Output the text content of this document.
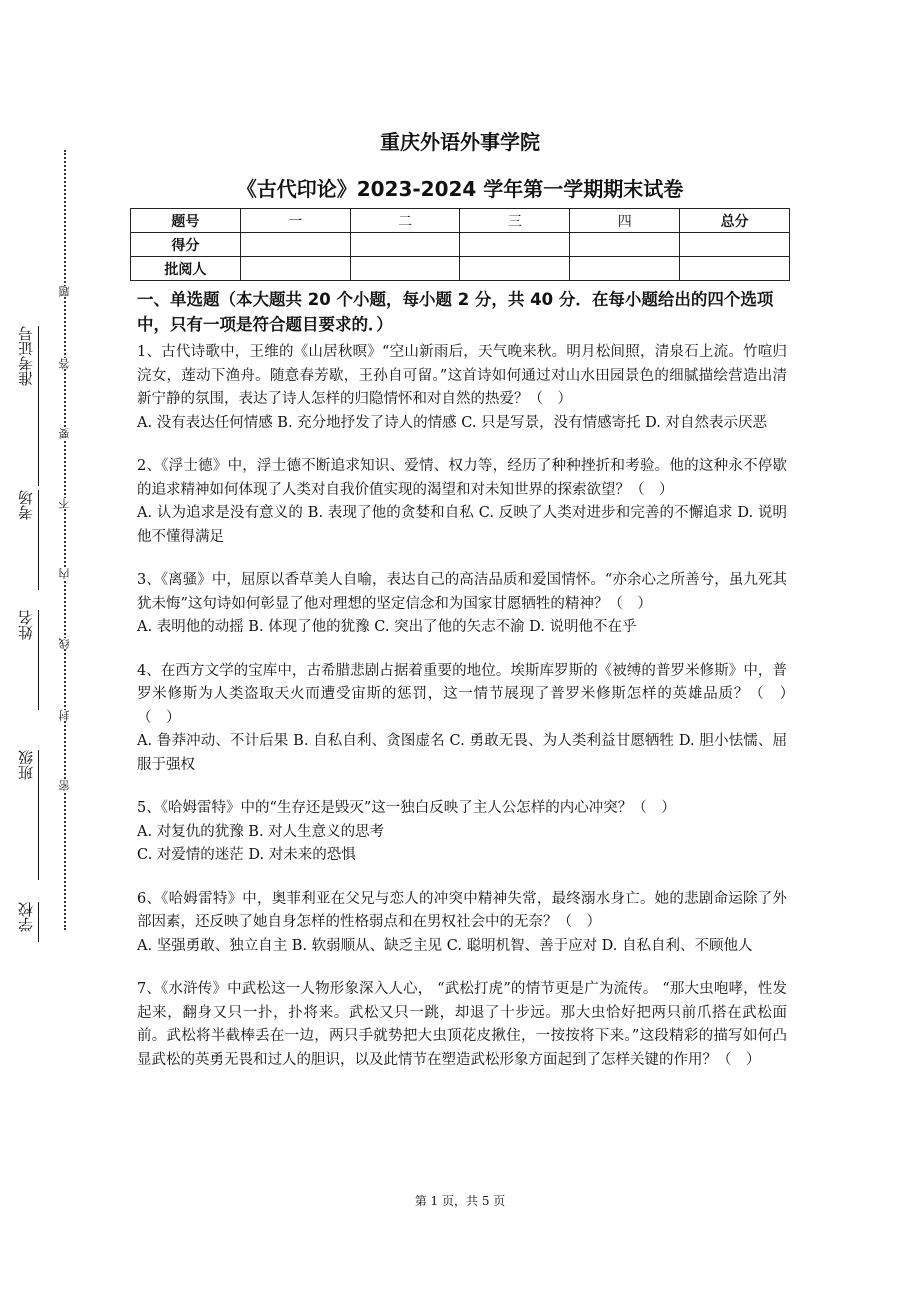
准考证号
考场
姓名
班级
学校
题
答
要
不
内
线
封
密
重庆外语外事学院
《古代印论》2023-2024 学年第一学期期末试卷
题号	一	二	三	四	总分
得分					
批阅人					
一、单选题（本大题共 20 个小题，每小题 2 分，共 40 分．在每小题给出的四个选项中，只有一项是符合题目要求的．）

1、古代诗歌中，王维的《山居秋暝》“空山新雨后，天气晚来秋。明月松间照，清泉石上流。竹喧归浣女，莲动下渔舟。随意春芳歇，王孙自可留。”这首诗如何通过对山水田园景色的细腻描绘营造出清新宁静的氛围，表达了诗人怎样的归隐情怀和对自然的热爱？（　）

A. 没有表达任何情感 B. 充分地抒发了诗人的情感 C. 只是写景，没有情感寄托 D. 对自然表示厌恶

2、《浮士德》中，浮士德不断追求知识、爱情、权力等，经历了种种挫折和考验。他的这种永不停歇的追求精神如何体现了人类对自我价值实现的渴望和对未知世界的探索欲望？（　）

A. 认为追求是没有意义的 B. 表现了他的贪婪和自私 C. 反映了人类对进步和完善的不懈追求 D. 说明他不懂得满足

3、《离骚》中，屈原以香草美人自喻，表达自己的高洁品质和爱国情怀。“亦余心之所善兮，虽九死其犹未悔”这句诗如何彰显了他对理想的坚定信念和为国家甘愿牺牲的精神？（　）

A. 表明他的动摇 B. 体现了他的犹豫 C. 突出了他的矢志不渝 D. 说明他不在乎

4、在西方文学的宝库中，古希腊悲剧占据着重要的地位。埃斯库罗斯的《被缚的普罗米修斯》中，普罗米修斯为人类盗取天火而遭受宙斯的惩罚，这一情节展现了普罗米修斯怎样的英雄品质？（　）　（　）

A. 鲁莽冲动、不计后果 B. 自私自利、贪图虚名 C. 勇敢无畏、为人类利益甘愿牺牲 D. 胆小怯懦、屈服于强权

5、《哈姆雷特》中的“生存还是毁灭”这一独白反映了主人公怎样的内心冲突？（　）

A. 对复仇的犹豫 B. 对人生意义的思考

C. 对爱情的迷茫 D. 对未来的恐惧

6、《哈姆雷特》中，奥菲利亚在父兄与恋人的冲突中精神失常，最终溺水身亡。她的悲剧命运除了外部因素，还反映了她自身怎样的性格弱点和在男权社会中的无奈？（　）

A. 坚强勇敢、独立自主 B. 软弱顺从、缺乏主见 C. 聪明机智、善于应对 D. 自私自利、不顾他人

7、《水浒传》中武松这一人物形象深入人心， “武松打虎”的情节更是广为流传。 “那大虫咆哮，性发起来，翻身又只一扑，扑将来。武松又只一跳，却退了十步远。那大虫恰好把两只前爪搭在武松面前。武松将半截棒丢在一边，两只手就势把大虫顶花皮揪住，一按按将下来。”这段精彩的描写如何凸显武松的英勇无畏和过人的胆识，以及此情节在塑造武松形象方面起到了怎样关键的作用？（　）

第 1 页，共 5 页
